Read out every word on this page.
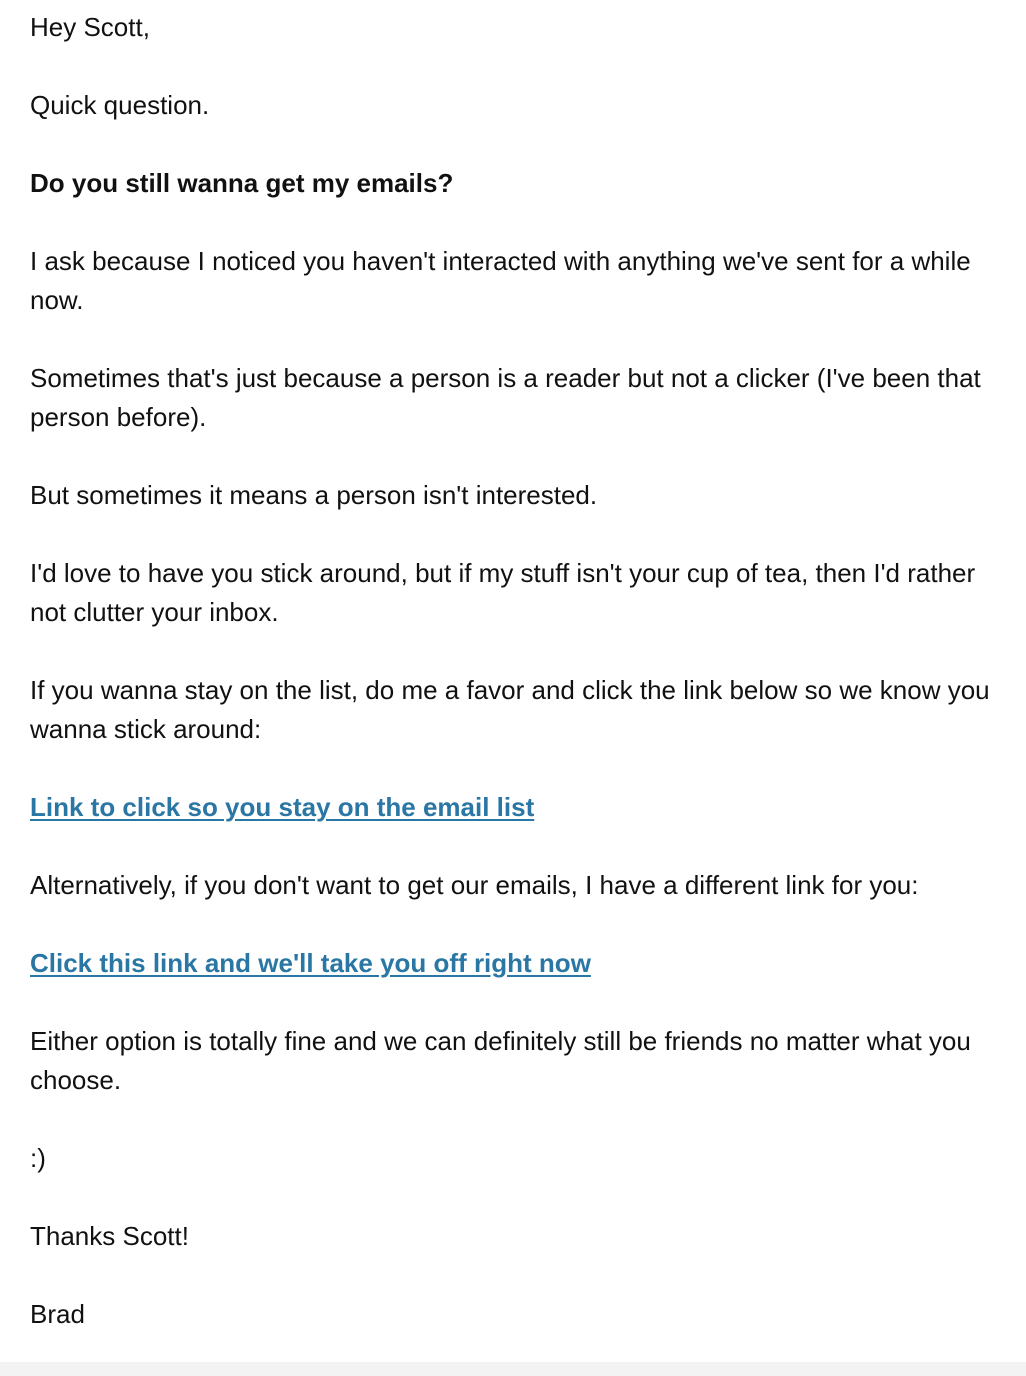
Hey Scott,

Quick question.

Do you still wanna get my emails?

I ask because I noticed you haven't interacted with anything we've sent for a while now.

Sometimes that's just because a person is a reader but not a clicker (I've been that person before).

But sometimes it means a person isn't interested.

I'd love to have you stick around, but if my stuff isn't your cup of tea, then I'd rather not clutter your inbox.

If you wanna stay on the list, do me a favor and click the link below so we know you wanna stick around:

Link to click so you stay on the email list

Alternatively, if you don't want to get our emails, I have a different link for you:

Click this link and we'll take you off right now

Either option is totally fine and we can definitely still be friends no matter what you choose.

:)

Thanks Scott!

Brad
